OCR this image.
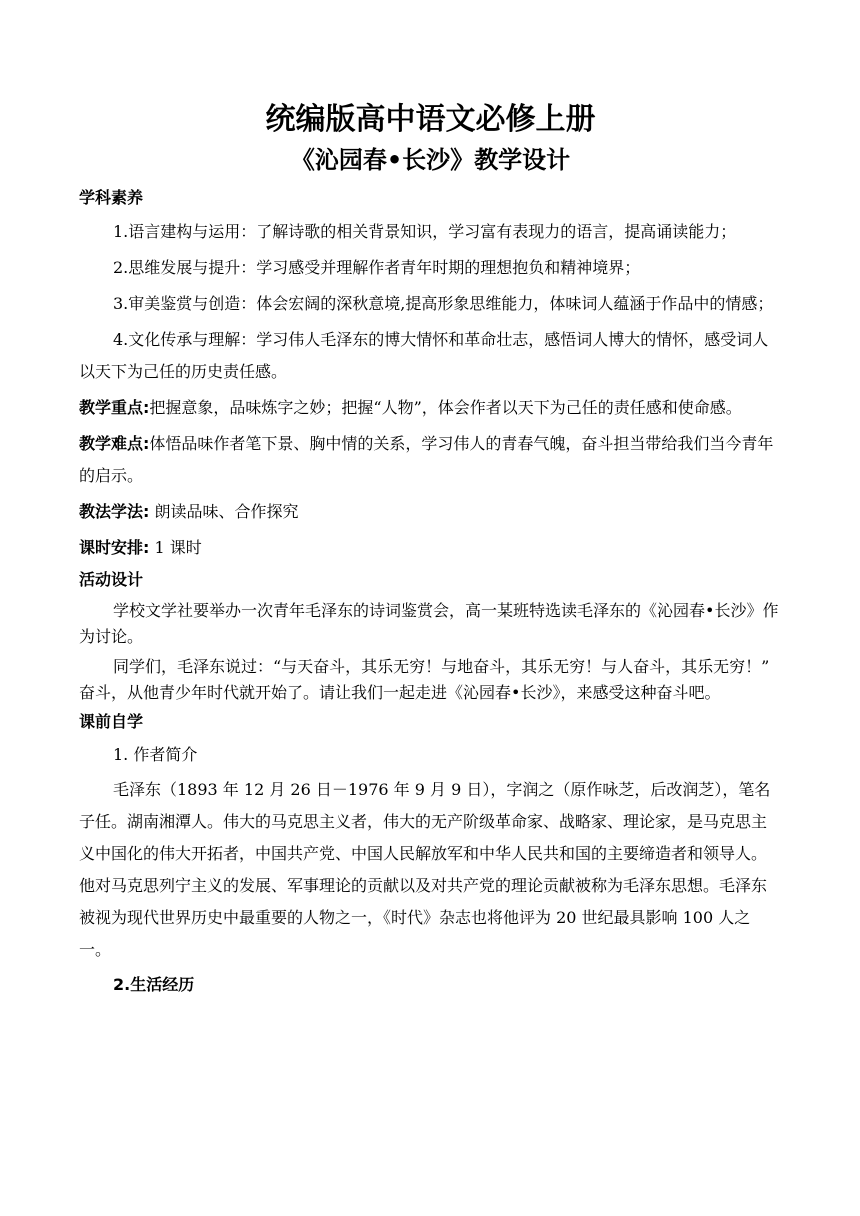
统编版高中语文必修上册
《沁园春•长沙》教学设计
学科素养

1.语言建构与运用：了解诗歌的相关背景知识，学习富有表现力的语言，提高诵读能力；

2.思维发展与提升：学习感受并理解作者青年时期的理想抱负和精神境界；

3.审美鉴赏与创造：体会宏阔的深秋意境,提高形象思维能力，体味词人蕴涵于作品中的情感；

4.文化传承与理解：学习伟人毛泽东的博大情怀和革命壮志，感悟词人博大的情怀，感受词人以天下为己任的历史责任感。

教学重点:把握意象，品味炼字之妙；把握“人物”，体会作者以天下为己任的责任感和使命感。

教学难点:体悟品味作者笔下景、胸中情的关系，学习伟人的青春气魄，奋斗担当带给我们当今青年的启示。

教法学法: 朗读品味、合作探究

课时安排: 1 课时

活动设计

学校文学社要举办一次青年毛泽东的诗词鉴赏会，高一某班特选读毛泽东的《沁园春•长沙》作为讨论。

同学们，毛泽东说过：“与天奋斗，其乐无穷！与地奋斗，其乐无穷！与人奋斗，其乐无穷！” 奋斗，从他青少年时代就开始了。请让我们一起走进《沁园春•长沙》，来感受这种奋斗吧。

课前自学

1. 作者简介

毛泽东（1893 年 12 月 26 日－1976 年 9 月 9 日），字润之（原作咏芝，后改润芝），笔名子任。湖南湘潭人。伟大的马克思主义者，伟大的无产阶级革命家、战略家、理论家，是马克思主义中国化的伟大开拓者，中国共产党、中国人民解放军和中华人民共和国的主要缔造者和领导人。他对马克思列宁主义的发展、军事理论的贡献以及对共产党的理论贡献被称为毛泽东思想。毛泽东被视为现代世界历史中最重要的人物之一，《时代》杂志也将他评为 20 世纪最具影响 100 人之一。

2.生活经历
